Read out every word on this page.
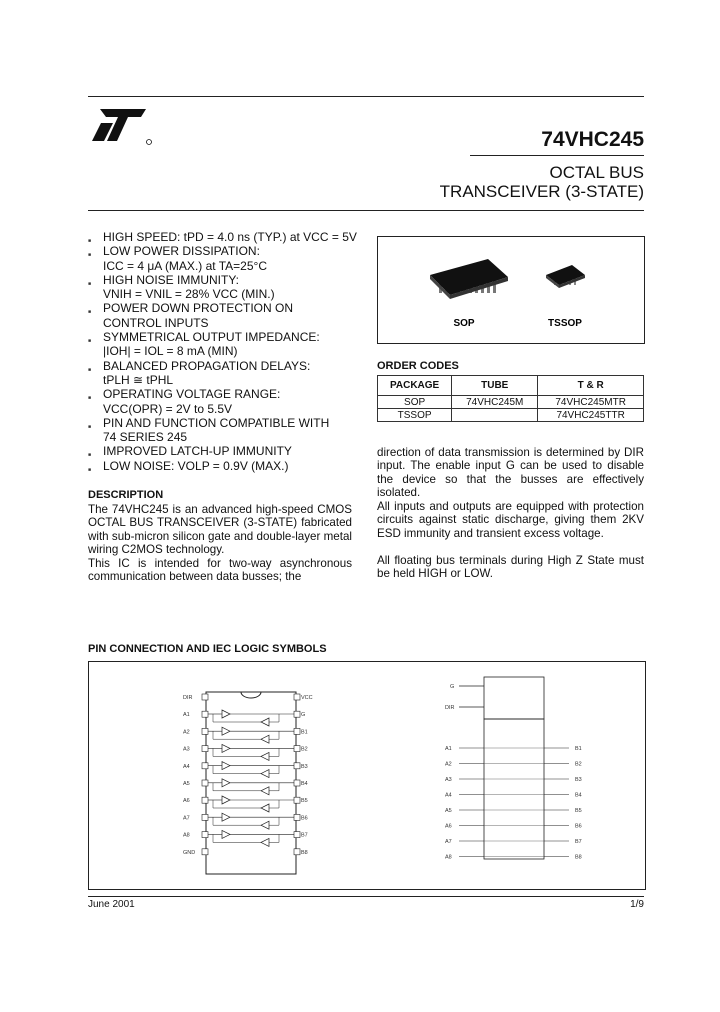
74VHC245
OCTAL BUS
TRANSCEIVER (3-STATE)
■ HIGH SPEED: tPD = 4.0 ns (TYP.) at VCC = 5V
■ LOW POWER DISSIPATION:
ICC = 4 μA (MAX.) at TA=25°C
■ HIGH NOISE IMMUNITY:
VNIH = VNIL = 28% VCC (MIN.)
■ POWER DOWN PROTECTION ON
CONTROL INPUTS
■ SYMMETRICAL OUTPUT IMPEDANCE:
|IOH| = IOL = 8 mA (MIN)
■ BALANCED PROPAGATION DELAYS:
tPLH ≅ tPHL
■ OPERATING VOLTAGE RANGE:
VCC(OPR) = 2V to 5.5V
■ PIN AND FUNCTION COMPATIBLE WITH
74 SERIES 245
■ IMPROVED LATCH-UP IMMUNITY
■ LOW NOISE: VOLP = 0.9V (MAX.)
SOP	TSSOP
ORDER CODES
PACKAGE	TUBE	T & R
SOP	74VHC245M	74VHC245MTR
TSSOP		74VHC245TTR
DESCRIPTION
The 74VHC245 is an advanced high-speed CMOS OCTAL BUS TRANSCEIVER (3-STATE) fabricated with sub-micron silicon gate and double-layer metal wiring C2MOS technology.
This IC is intended for two-way asynchronous communication between data busses; the
direction of data transmission is determined by DIR input. The enable input G can be used to disable the device so that the busses are effectively isolated.
All inputs and outputs are equipped with protection circuits against static discharge, giving them 2KV ESD immunity and transient excess voltage.
All floating bus terminals during High Z State must be held HIGH or LOW.
PIN CONNECTION AND IEC LOGIC SYMBOLS
DIR
A1
A2
A3
A4
A5
A6
A7
A8
GND
VCC
G
B1
B2
B3
B4
B5
B6
B7
B8
G
DIR
A1	B1
A2	B2
A3	B3
A4	B4
A5	B5
A6	B6
A7	B7
A8	B8
June 2001	1/9
